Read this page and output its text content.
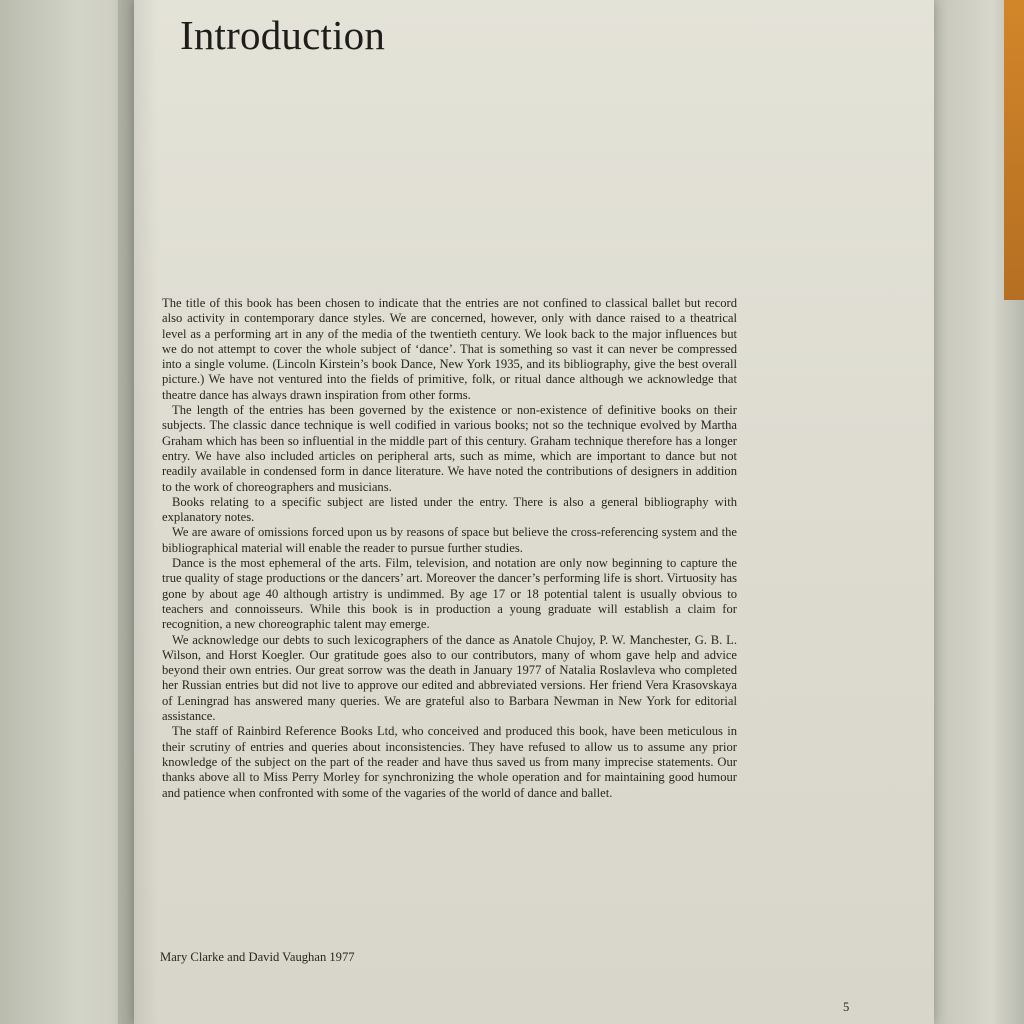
Introduction

The title of this book has been chosen to indicate that the entries are not confined to classical ballet but record also activity in contemporary dance styles. We are concerned, however, only with dance raised to a theatrical level as a performing art in any of the media of the twentieth century. We look back to the major influences but we do not attempt to cover the whole subject of ‘dance’. That is something so vast it can never be compressed into a single volume. (Lincoln Kirstein’s book Dance, New York 1935, and its bibliography, give the best overall picture.) We have not ventured into the fields of primitive, folk, or ritual dance although we acknowledge that theatre dance has always drawn inspiration from other forms.

The length of the entries has been governed by the existence or non-existence of definitive books on their subjects. The classic dance technique is well codified in various books; not so the technique evolved by Martha Graham which has been so influential in the middle part of this century. Graham technique therefore has a longer entry. We have also included articles on peripheral arts, such as mime, which are important to dance but not readily available in condensed form in dance literature. We have noted the contributions of designers in addition to the work of choreographers and musicians.

Books relating to a specific subject are listed under the entry. There is also a general bibliography with explanatory notes.

We are aware of omissions forced upon us by reasons of space but believe the cross-referencing system and the bibliographical material will enable the reader to pursue further studies.

Dance is the most ephemeral of the arts. Film, television, and notation are only now beginning to capture the true quality of stage productions or the dancers’ art. Moreover the dancer’s performing life is short. Virtuosity has gone by about age 40 although artistry is undimmed. By age 17 or 18 potential talent is usually obvious to teachers and connoisseurs. While this book is in production a young graduate will establish a claim for recognition, a new choreographic talent may emerge.

We acknowledge our debts to such lexicographers of the dance as Anatole Chujoy, P. W. Manchester, G. B. L. Wilson, and Horst Koegler. Our gratitude goes also to our contributors, many of whom gave help and advice beyond their own entries. Our great sorrow was the death in January 1977 of Natalia Roslavleva who completed her Russian entries but did not live to approve our edited and abbreviated versions. Her friend Vera Krasovskaya of Leningrad has answered many queries. We are grateful also to Barbara Newman in New York for editorial assistance.

The staff of Rainbird Reference Books Ltd, who conceived and produced this book, have been meticulous in their scrutiny of entries and queries about inconsistencies. They have refused to allow us to assume any prior knowledge of the subject on the part of the reader and have thus saved us from many imprecise statements. Our thanks above all to Miss Perry Morley for synchronizing the whole operation and for maintaining good humour and patience when confronted with some of the vagaries of the world of dance and ballet.

Mary Clarke and David Vaughan 1977

5
